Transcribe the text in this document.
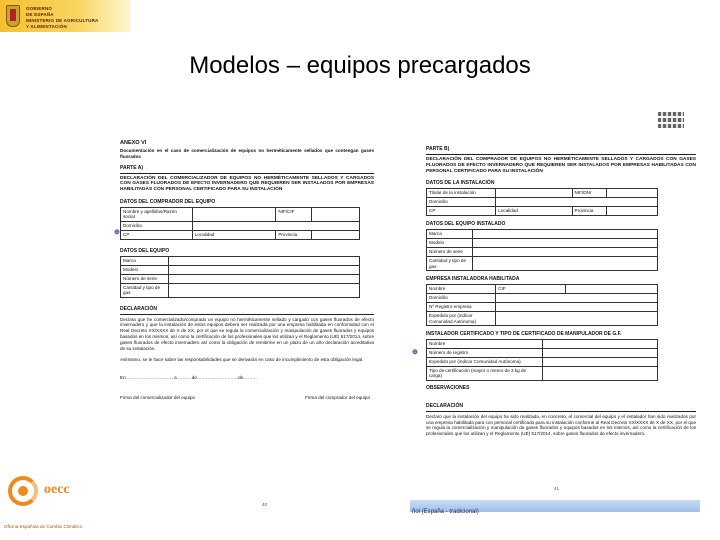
GOBIERNO
DE ESPAÑA
MINISTERIO DE AGRICULTURA
Y ALIMENTACIÓN
Modelos – equipos precargados
ANEXO VI
Documentación en el caso de comercialización de equipos no herméticamente sellados que contengan gases fluorados
PARTE A)
DECLARACIÓN DEL COMERCIALIZADOR DE EQUIPOS NO HERMÉTICAMENTE SELLADOS Y CARGADOS CON GASES FLUORADOS DE EFECTO INVERNADERO QUE REQUIEREN SER INSTALADOS POR EMPRESAS HABILITADAS CON PERSONAL CERTIFICADO PARA SU INSTALACIÓN
DATOS DEL COMPRADOR DEL EQUIPO
Nombre y apellidos/Razón social		NIF/CIF	
Domicilio			
CP	Localidad	Provincia	
DATOS DEL EQUIPO
Marca	
Modelo	
Número de serie	
Cantidad y tipo de gas	
DECLARACIÓN
Declara que he comercializado/comprado un equipo no herméticamente sellado y cargado con gases fluorados de efecto invernadero y que la instalación de estos equipos deberá ser realizada por una empresa habilitada en conformidad con el Real Decreto XX/XXXX de X de XX, por el que se regula la comercialización y manipulación de gases fluorados y equipos basados en los mismos, así como la certificación de los profesionales que los utilizan y el Reglamento (UE) 517/2014, sobre gases fluorados de efecto invernadero así como la obligación de remitirme en un plazo de un año declaración acreditativa de su instalación.
Asimismo, se le hace saber las responsabilidades que se derivarán en caso de incumplimiento de esta obligación legal.
En…………………………, a ………de………………………de………
Firma del comercializador del equipo	Firma del comprador del equipo
40
⊕
PARTE B)
DECLARACIÓN DEL COMPRADOR DE EQUIPOS NO HERMÉTICAMENTE SELLADOS Y CARGADOS CON GASES FLUORADOS DE EFECTO INVERNADERO QUE REQUIEREN SER INSTALADOS POR EMPRESAS HABILITADAS CON PERSONAL CERTIFICADO PARA SU INSTALACIÓN
DATOS DE LA INSTALACIÓN
Titular de la instalación		NIF/DNI	
Domicilio			
CP	Localidad	Provincia	
DATOS DEL EQUIPO INSTALADO
Marca	
Modelo	
Número de serie	
Cantidad y tipo de gas	
EMPRESA INSTALADORA HABILITADA
Nombre	CIF	
Domicilio		
Nº Registro empresa		
Expedido por (indicar Comunidad Autónoma)		
INSTALADOR CERTIFICADO Y TIPO DE CERTIFICADO DE MANIPULADOR DE G.F.
Nombre	
Número de registro	
Expedido por (indicar Comunidad Autónoma)	
Tipo de certificación (mayor o menor de 3 kg de carga)	
OBSERVACIONES
DECLARACIÓN
Declaro que la instalación del equipo ha sido realizada, en concreto, el comercial del equipo y el instalador han sido realizados por una empresa habilitada para con personal certificado para su instalación conforme al Real Decreto XX/XXXX de X de XX, por el que se regula la comercialización y manipulación de gases fluorados y equipos basados en los mismos, así como la certificación de los profesionales que los utilizan y el Reglamento (UE) 517/2014, sobre gases fluorados de efecto invernadero.
41
⊕
ñol (España - tradicional)
oecc
Oficina Española de Cambio Climático
